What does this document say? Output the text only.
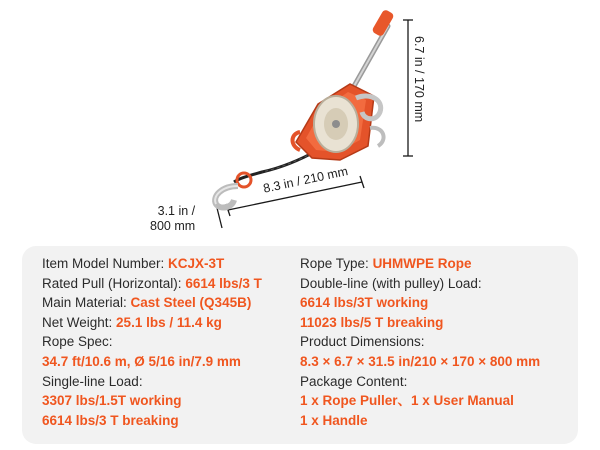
6.7 in / 170 mm
8.3 in / 210 mm
3.1 in /
800 mm
Item Model Number: KCJX-3T
Rated Pull (Horizontal): 6614 lbs/3 T
Main Material: Cast Steel (Q345B)
Net Weight: 25.1 lbs / 11.4 kg
Rope Spec:
34.7 ft/10.6 m, Ø 5/16 in/7.9 mm
Single-line Load:
3307 lbs/1.5T working
6614 lbs/3 T breaking
Rope Type: UHMWPE Rope
Double-line (with pulley) Load:
6614 lbs/3T working
11023 lbs/5 T breaking
Product Dimensions:
8.3 × 6.7 × 31.5 in/210 × 170 × 800 mm
Package Content:
1 x Rope Puller、1 x User Manual
1 x Handle
